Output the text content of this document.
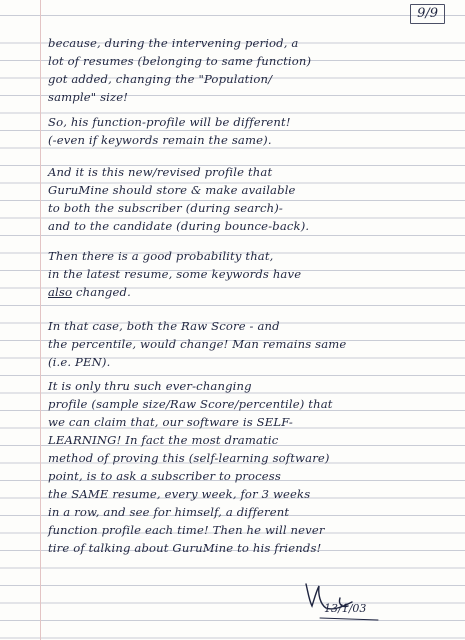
9/9
because, during the intervening period, a
lot of resumes (belonging to same function)
got added, changing the "Population/
sample" size!
So, his function-profile will be different!
(-even if keywords remain the same).
And it is this new/revised profile that
GuruMine should store & make available
to both the subscriber (during search)-
and to the candidate (during bounce-back).
Then there is a good probability that,
in the latest resume, some keywords have
also changed.
In that case, both the Raw Score - and
the percentile, would change! Man remains same
(i.e. PEN).
It is only thru such ever-changing
profile (sample size/Raw Score/percentile) that
we can claim that, our software is SELF-
LEARNING! In fact the most dramatic
method of proving this (self-learning software)
point, is to ask a subscriber to process
the SAME resume, every week, for 3 weeks
in a row, and see for himself, a different
function profile each time! Then he will never
tire of talking about GuruMine to his friends!
13/1/03
